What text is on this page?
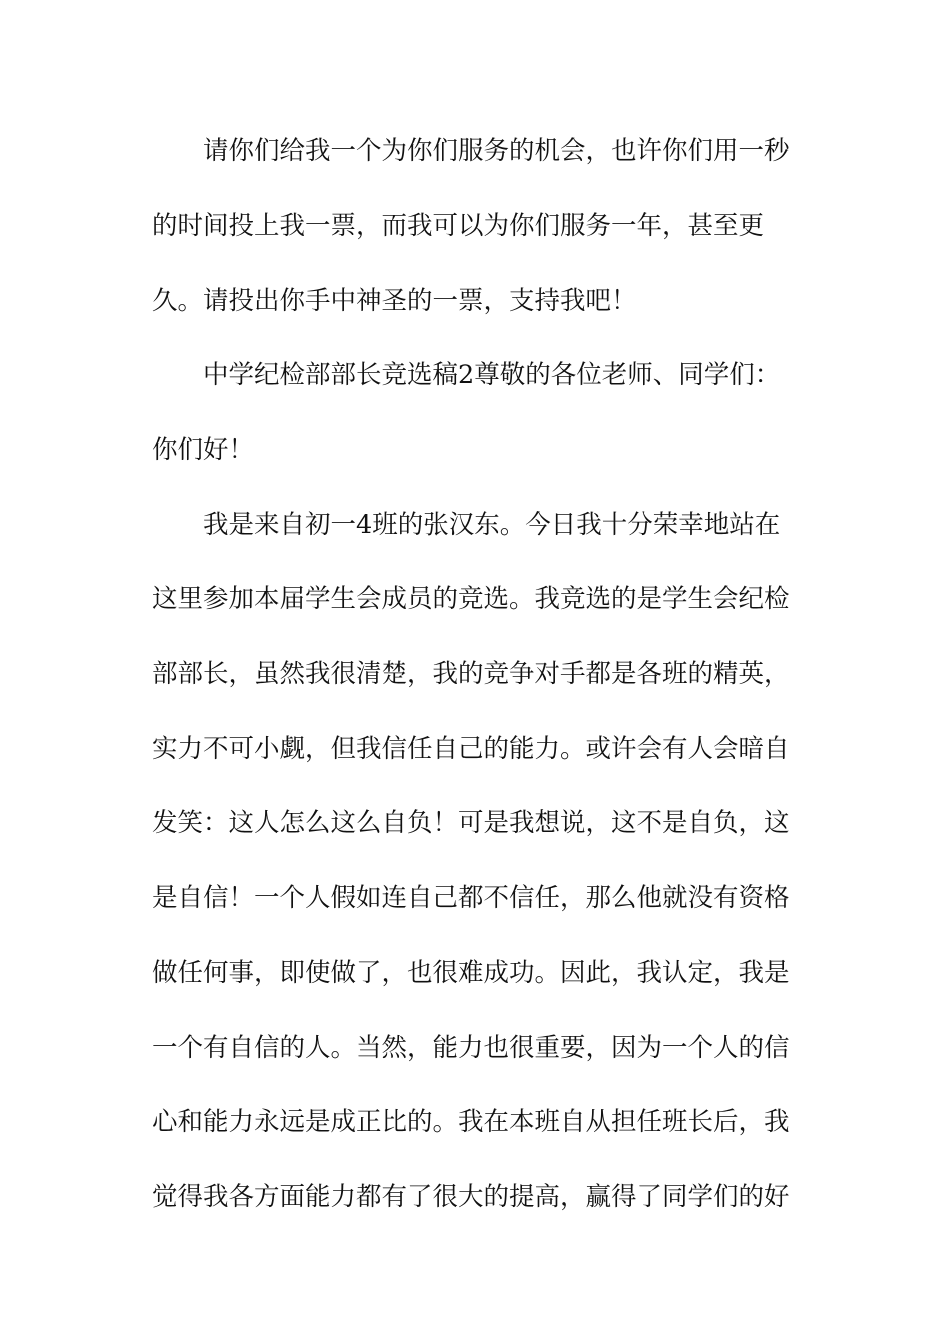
请你们给我一个为你们服务的机会，也许你们用一秒
的时间投上我一票，而我可以为你们服务一年，甚至更
久。请投出你手中神圣的一票，支持我吧！
中学纪检部部长竞选稿2尊敬的各位老师、同学们：
你们好！
我是来自初一4班的张汉东。今日我十分荣幸地站在
这里参加本届学生会成员的竞选。我竞选的是学生会纪检
部部长，虽然我很清楚，我的竞争对手都是各班的精英，
实力不可小觑，但我信任自己的能力。或许会有人会暗自
发笑：这人怎么这么自负！可是我想说，这不是自负，这
是自信！一个人假如连自己都不信任，那么他就没有资格
做任何事，即使做了，也很难成功。因此，我认定，我是
一个有自信的人。当然，能力也很重要，因为一个人的信
心和能力永远是成正比的。我在本班自从担任班长后，我
觉得我各方面能力都有了很大的提高，赢得了同学们的好
